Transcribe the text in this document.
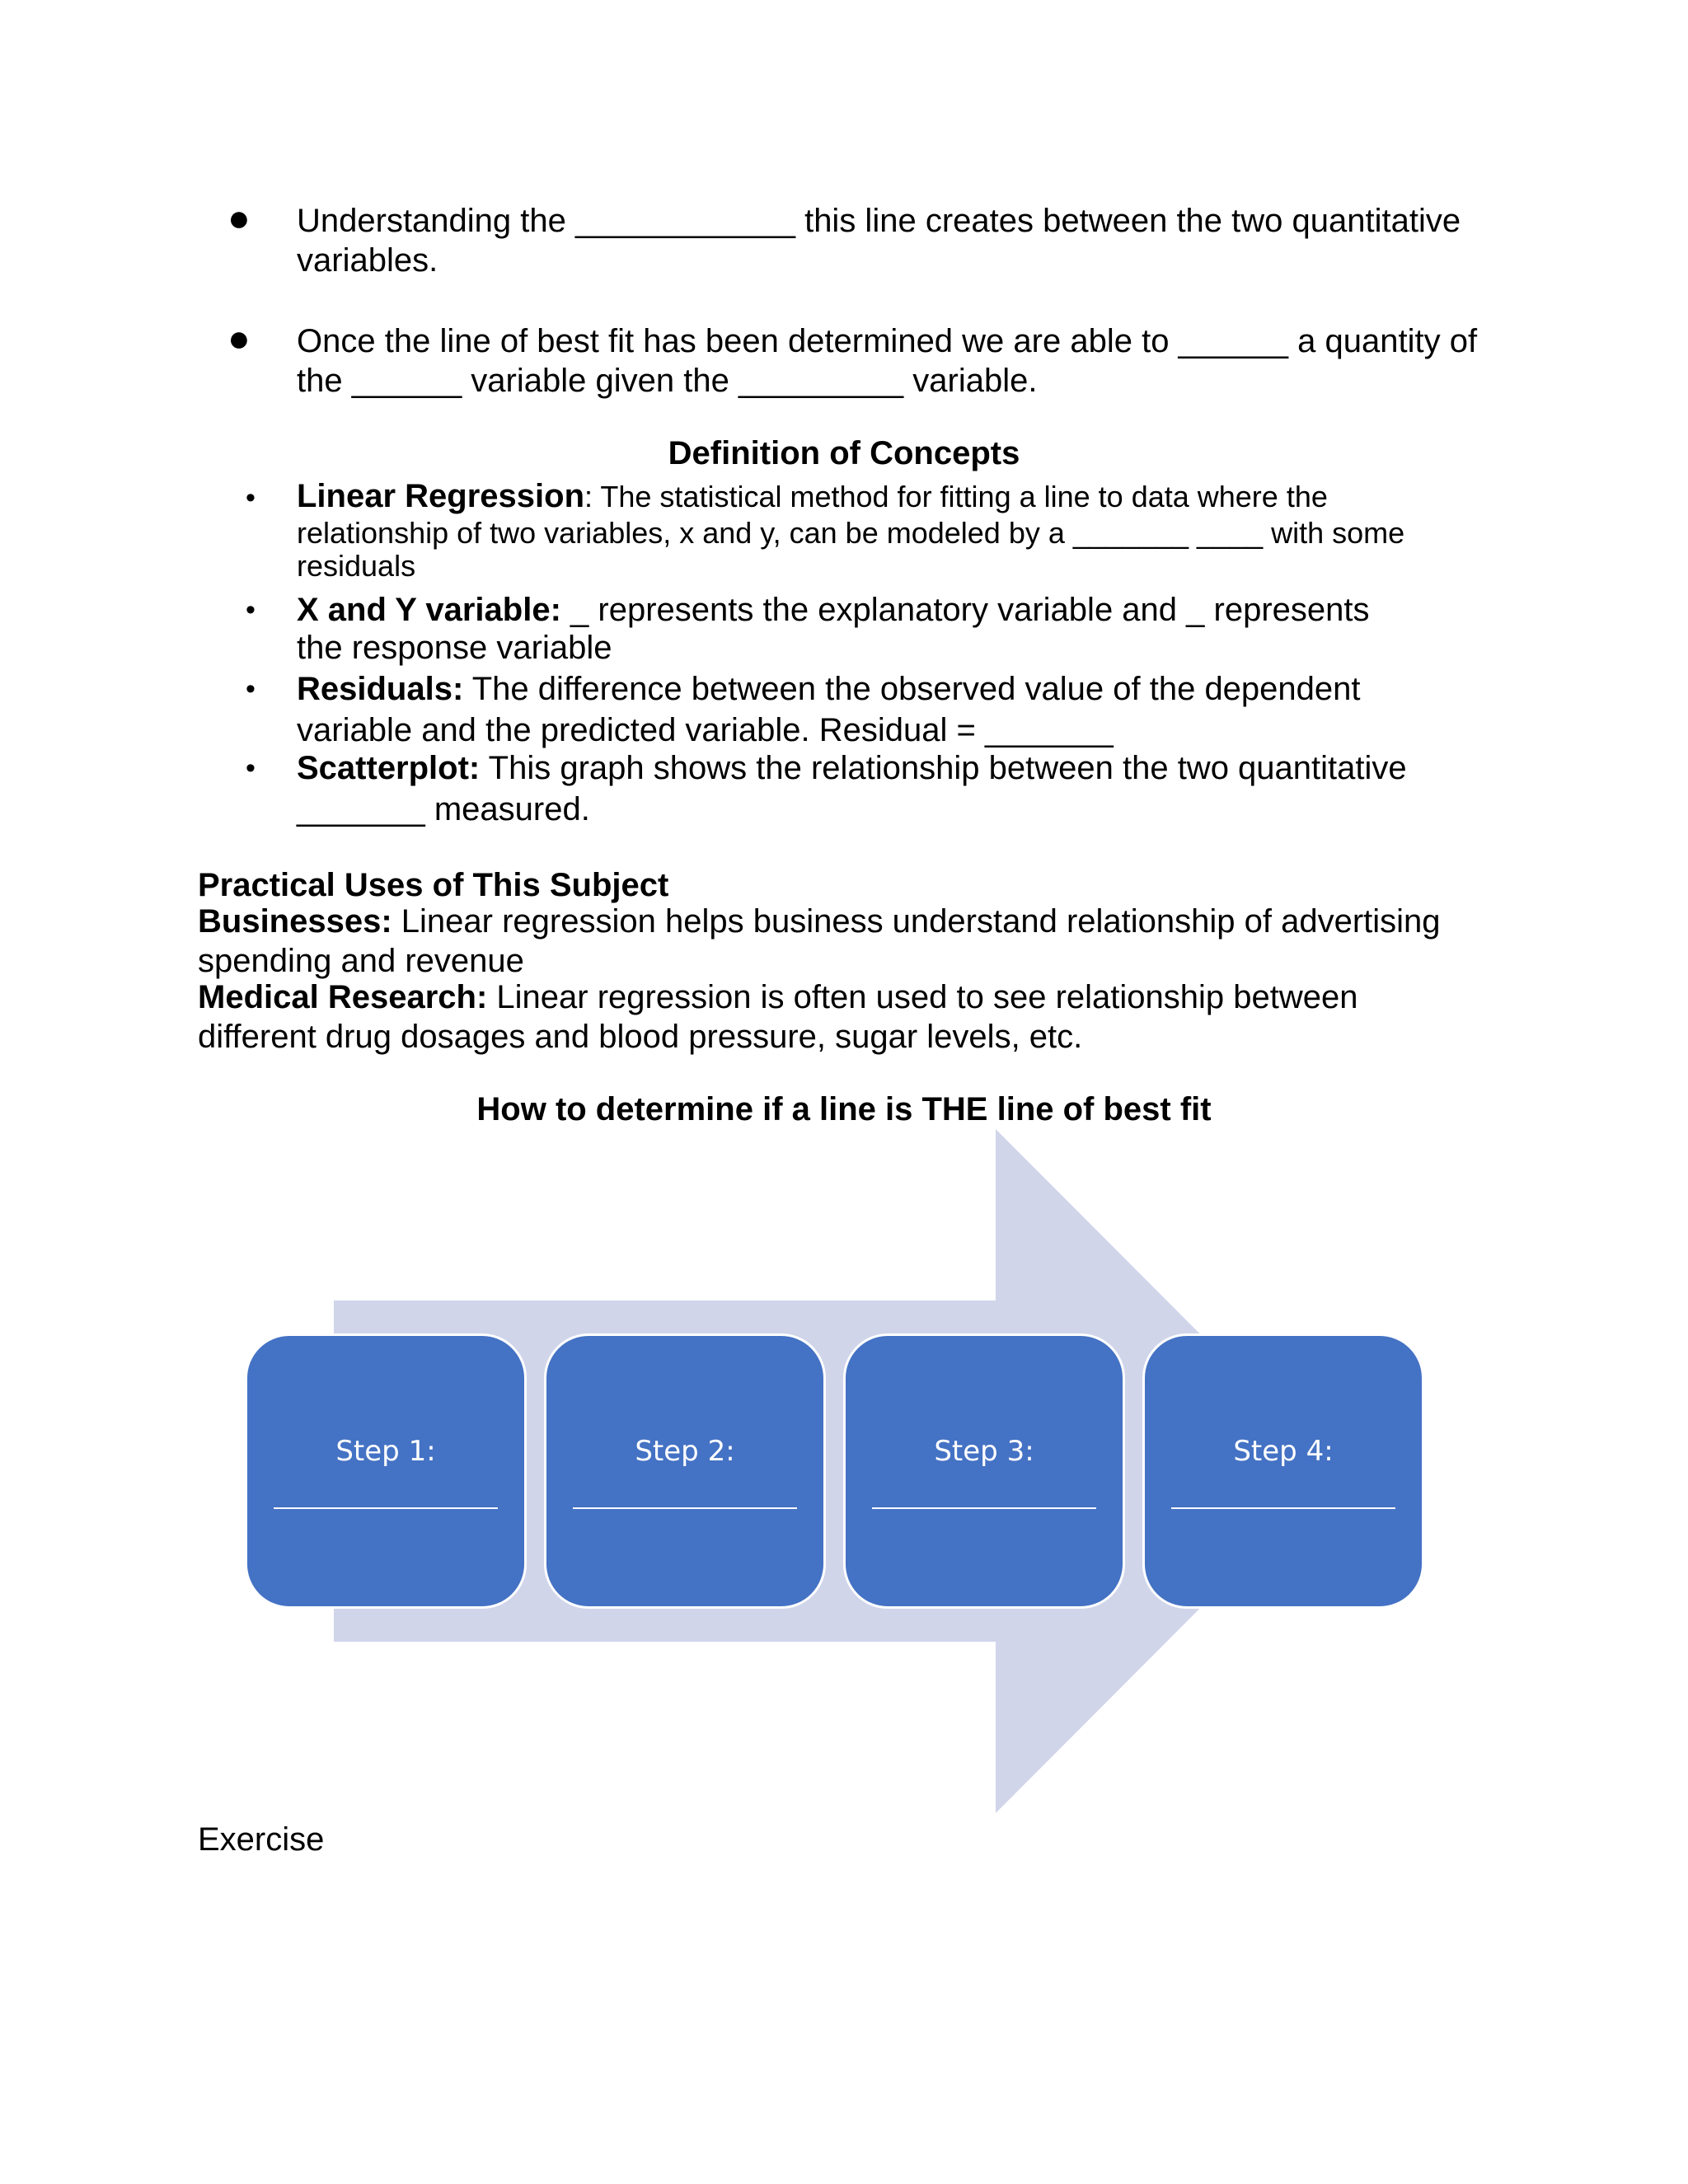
● Understanding the ____________ this line creates between the two quantitative
variables.
● Once the line of best fit has been determined we are able to ______ a quantity of
the ______ variable given the _________ variable.
Definition of Concepts
• Linear Regression: The statistical method for fitting a line to data where the
relationship of two variables, x and y, can be modeled by a _______ ____ with some
residuals
• X and Y variable: _ represents the explanatory variable and _ represents
the response variable
• Residuals: The difference between the observed value of the dependent
variable and the predicted variable. Residual = _______
• Scatterplot: This graph shows the relationship between the two quantitative
_______ measured.
Practical Uses of This Subject
Businesses: Linear regression helps business understand relationship of advertising
spending and revenue
Medical Research: Linear regression is often used to see relationship between
different drug dosages and blood pressure, sugar levels, etc.
How to determine if a line is THE line of best fit
Step 1:	Step 2:	Step 3:	Step 4:
Exercise
